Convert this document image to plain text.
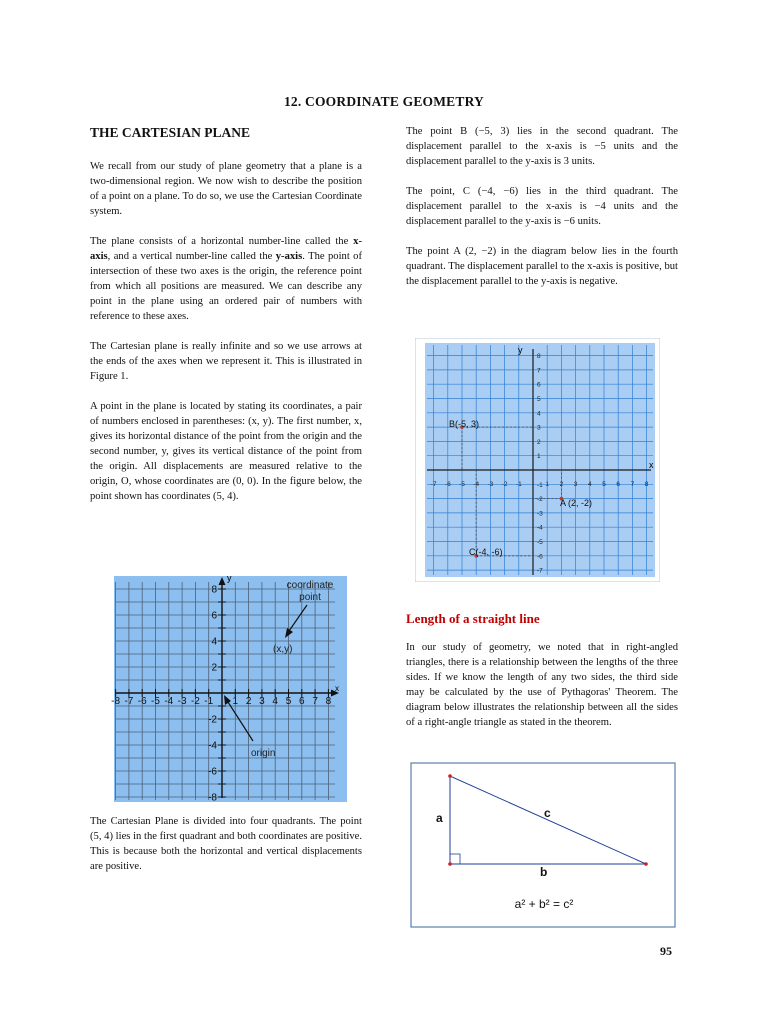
12. COORDINATE GEOMETRY
THE CARTESIAN PLANE

We recall from our study of plane geometry that a plane is a two-dimensional region. We now wish to describe the position of a point on a plane. To do so, we use the Cartesian Coordinate system.

The plane consists of a horizontal number-line called the x-axis, and a vertical number-line called the y-axis. The point of intersection of these two axes is the origin, the reference point from which all positions are measured. We can describe any point in the plane using an ordered pair of numbers with reference to these axes.

The Cartesian plane is really infinite and so we use arrows at the ends of the axes when we represent it. This is illustrated in Figure 1.

A point in the plane is located by stating its coordinates, a pair of numbers enclosed in parentheses: (x, y). The first number, x, gives its horizontal distance of the point from the origin and the second number, y, gives its vertical distance of the point from the origin. All displacements are measured relative to the origin, O, whose coordinates are (0, 0). In the figure below, the point shown has coordinates (5, 4).

-8 -7 -6 -5 -4 -3 -2 -1 1 2 3 4 5 6 7 8
8
6
4
2
-2
-4
-6
-8
x
y
coordinate
point
(x,y)
origin

The Cartesian Plane is divided into four quadrants. The point (5, 4) lies in the first quadrant and both coordinates are positive. This is because both the horizontal and vertical displacements are positive.

The point B (−5, 3) lies in the second quadrant. The displacement parallel to the x-axis is −5 units and the displacement parallel to the y-axis is 3 units.

The point, C (−4, −6) lies in the third quadrant. The displacement parallel to the x-axis is −4 units and the displacement parallel to the y-axis is −6 units.

The point A (2, −2) in the diagram below lies in the fourth quadrant. The displacement parallel to the x-axis is positive, but the displacement parallel to the y-axis is negative.

-7 -6 -5 -4 -3 -2 -1	1 2 3 4 5 6 7 8
8
7
6
5
4
3
2
1
-1
-2
-3
-4
-5
-6
-7
x
y
B(-5, 3)
A (2, -2)
C(-4, -6)
Length of a straight line

In our study of geometry, we noted that in right-angled triangles, there is a relationship between the lengths of the three sides. If we know the length of any two sides, the third side may be calculated by the use of Pythagoras' Theorem. The diagram below illustrates the relationship between all the sides of a right-angle triangle as stated in the theorem.

a	c
b
a² + b² = c²
95
